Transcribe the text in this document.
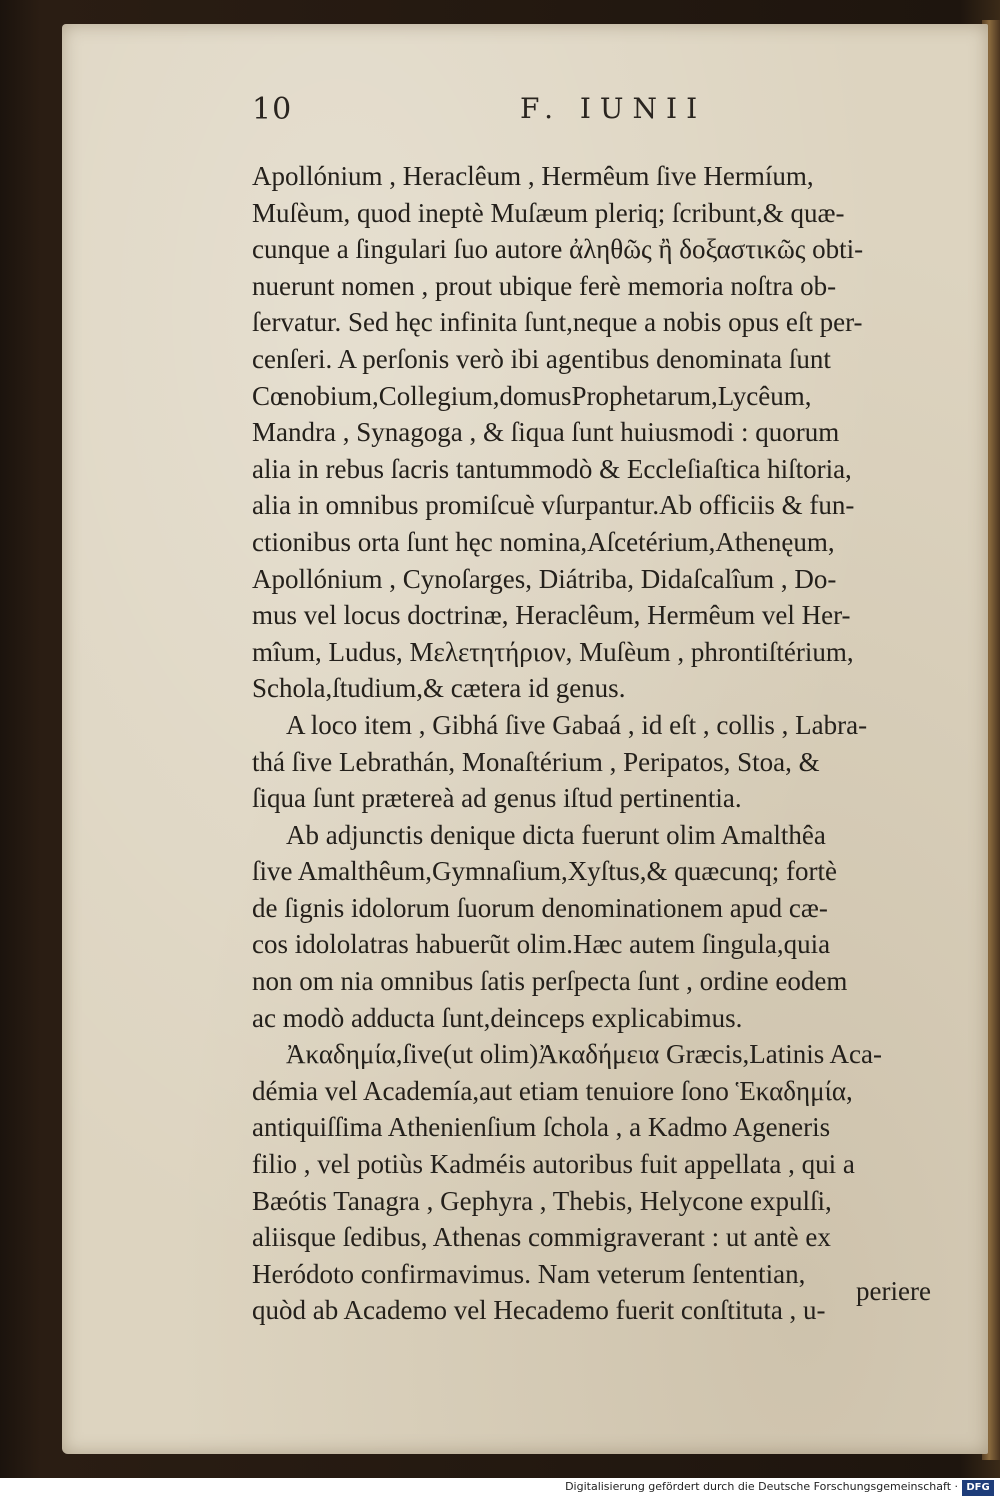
10	F. IUNII
Apollónium , Heraclêum , Hermêum ſive Hermíum,
Muſèum, quod ineptè Muſæum pleriq; ſcribunt,& quæ-
cunque a ſingulari ſuo autore ἀληθῶς ἢ δοξαστικῶς obti-
nuerunt nomen , prout ubique ferè memoria noſtra ob-
ſervatur. Sed hęc infinita ſunt,neque a nobis opus eſt per-
cenſeri. A perſonis verò ibi agentibus denominata ſunt
Cœnobium,Collegium,domusProphetarum,Lycêum,
Mandra , Synagoga , & ſiqua ſunt huiusmodi : quorum
alia in rebus ſacris tantummodò & Eccleſiaſtica hiſtoria,
alia in omnibus promiſcuè vſurpantur.Ab officiis & fun-
ctionibus orta ſunt hęc nomina,Aſcetérium,Athenęum,
Apollónium , Cynoſarges, Diátriba, Didaſcalîum , Do-
mus vel locus doctrinæ, Heraclêum, Hermêum vel Her-
mîum, Ludus, Μελετητήριον, Muſèum , phrontiſtérium,
Schola,ſtudium,& cætera id genus.
A loco item , Gibhá ſive Gabaá , id eſt , collis , Labra-
thá ſive Lebrathán, Monaſtérium , Peripatos, Stoa, &
ſiqua ſunt prætereà ad genus iſtud pertinentia.
Ab adjunctis denique dicta fuerunt olim Amalthêa
ſive Amalthêum,Gymnaſium,Xyſtus,& quæcunq; fortè
de ſignis idolorum ſuorum denominationem apud cæ-
cos idololatras habuerũt olim.Hæc autem ſingula,quia
non om nia omnibus ſatis perſpecta ſunt , ordine eodem
ac modò adducta ſunt,deinceps explicabimus.
Ἀκαδημία,ſive(ut olim)Ἀκαδήμεια Græcis,Latinis Aca-
démia vel Academía,aut etiam tenuiore ſono Ἑκαδημία,
antiquiſſima Athenienſium ſchola , a Kadmo Ageneris
filio , vel potiùs Kadméis autoribus fuit appellata , qui a
Bæótis Tanagra , Gephyra , Thebis, Helycone expulſi,
aliisque ſedibus, Athenas commigraverant : ut antè ex
Heródoto confirmavimus. Nam veterum ſententian,
quòd ab Academo vel Hecademo fuerit conſtituta , u-
periere
Digitalisierung gefördert durch die Deutsche Forschungsgemeinschaft · DFG
